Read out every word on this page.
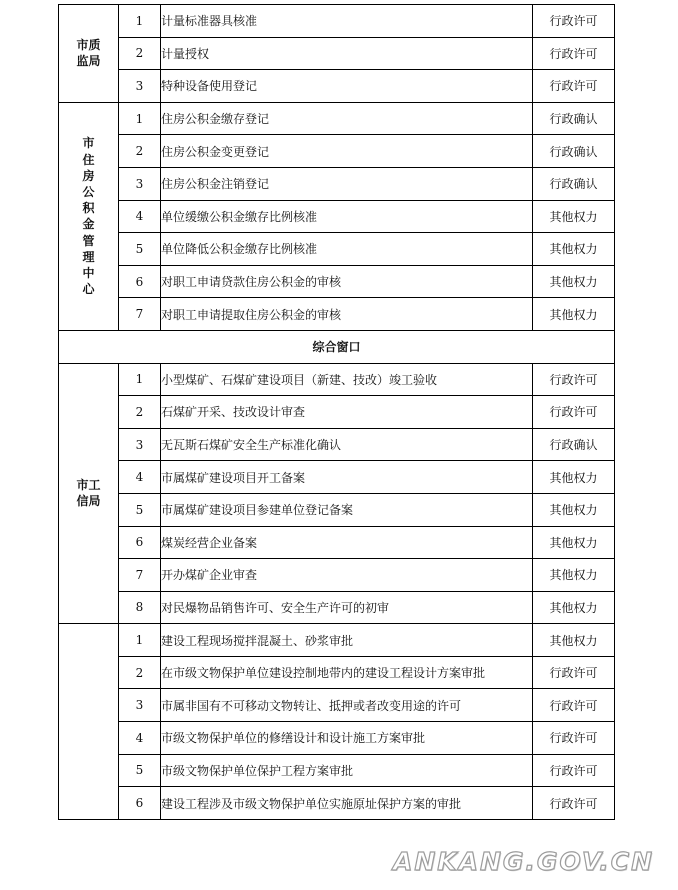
市质监局	1	计量标准器具核准	行政许可
	2	计量授权	行政许可
	3	特种设备使用登记	行政许可
市住房公积金管理中心	1	住房公积金缴存登记	行政确认
	2	住房公积金变更登记	行政确认
	3	住房公积金注销登记	行政确认
	4	单位缓缴公积金缴存比例核准	其他权力
	5	单位降低公积金缴存比例核准	其他权力
	6	对职工申请贷款住房公积金的审核	其他权力
	7	对职工申请提取住房公积金的审核	其他权力
综合窗口			
市工信局	1	小型煤矿、石煤矿建设项目（新建、技改）竣工验收	行政许可
	2	石煤矿开采、技改设计审查	行政许可
	3	无瓦斯石煤矿安全生产标准化确认	行政确认
	4	市属煤矿建设项目开工备案	其他权力
	5	市属煤矿建设项目参建单位登记备案	其他权力
	6	煤炭经营企业备案	其他权力
	7	开办煤矿企业审查	其他权力
	8	对民爆物品销售许可、安全生产许可的初审	其他权力
	1	建设工程现场搅拌混凝土、砂浆审批	其他权力
	2	在市级文物保护单位建设控制地带内的建设工程设计方案审批	行政许可
	3	市属非国有不可移动文物转让、抵押或者改变用途的许可	行政许可
	4	市级文物保护单位的修缮设计和设计施工方案审批	行政许可
	5	市级文物保护单位保护工程方案审批	行政许可
	6	建设工程涉及市级文物保护单位实施原址保护方案的审批	行政许可
ANKANG.GOV.CN
